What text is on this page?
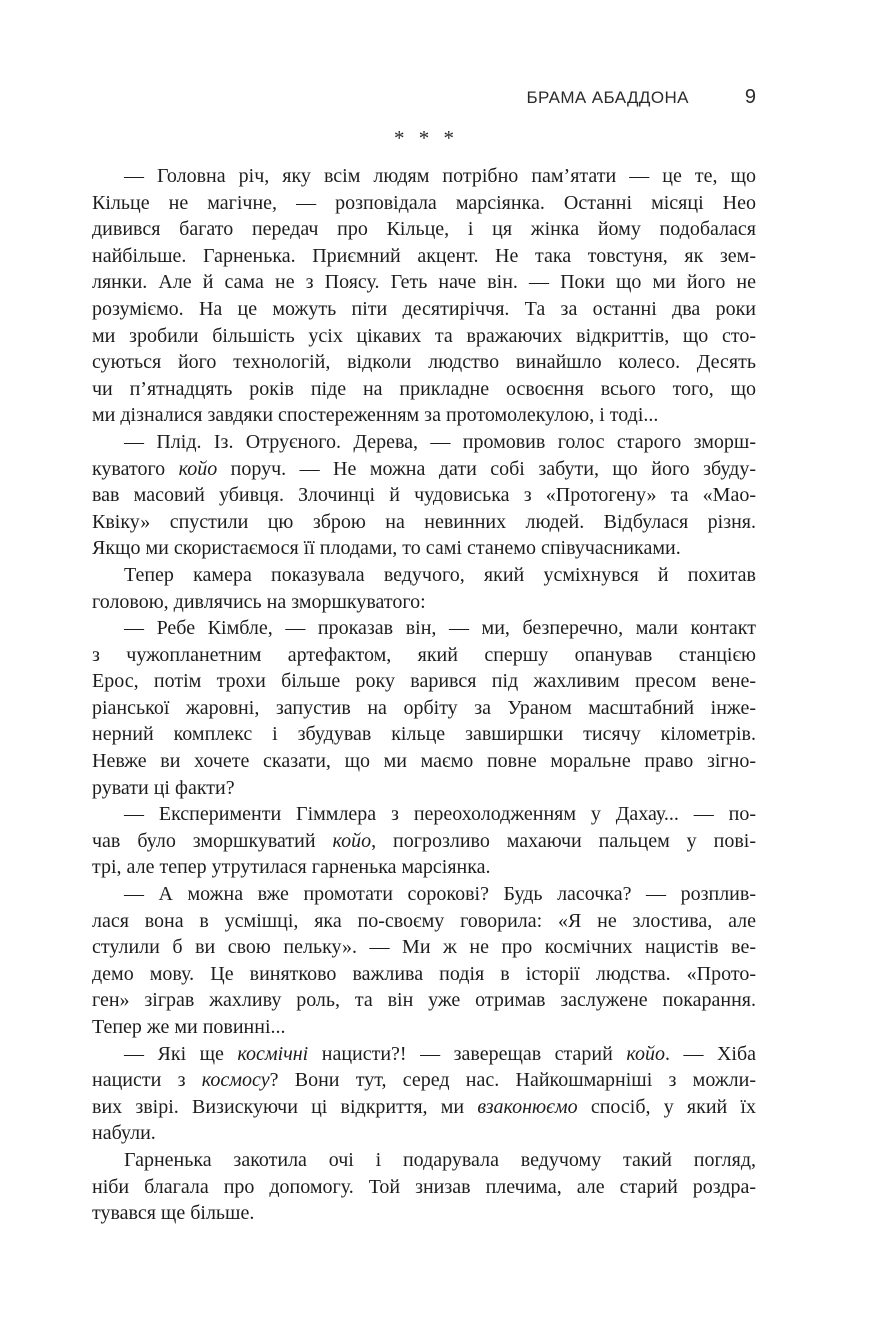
БРАМА АБАДДОНА	9
* * *
— Головна річ, яку всім людям потрібно пам’ятати — це те, що
Кільце не магічне, — розповідала марсіянка. Останні місяці Нео
дивився багато передач про Кільце, і ця жінка йому подобалася
найбільше. Гарненька. Приємний акцент. Не така товстуня, як зем-
лянки. Але й сама не з Поясу. Геть наче він. — Поки що ми його не
розуміємо. На це можуть піти десятиріччя. Та за останні два роки
ми зробили більшість усіх цікавих та вражаючих відкриттів, що сто-
суються його технологій, відколи людство винайшло колесо. Десять
чи п’ятнадцять років піде на прикладне освоєння всього того, що
ми дізналися завдяки спостереженням за протомолекулою, і тоді...
— Плід. Із. Отруєного. Дерева, — промовив голос старого зморш-
куватого койо поруч. — Не можна дати собі забути, що його збуду-
вав масовий убивця. Злочинці й чудовиська з «Протогену» та «Мао-
Квіку» спустили цю зброю на невинних людей. Відбулася різня.
Якщо ми скористаємося її плодами, то самі станемо співучасниками.
Тепер камера показувала ведучого, який усміхнувся й похитав
головою, дивлячись на зморшкуватого:
— Ребе Кімбле, — проказав він, — ми, безперечно, мали контакт
з чужопланетним артефактом, який спершу опанував станцією
Ерос, потім трохи більше року варився під жахливим пресом вене-
ріанської жаровні, запустив на орбіту за Ураном масштабний інже-
нерний комплекс і збудував кільце завширшки тисячу кілометрів.
Невже ви хочете сказати, що ми маємо повне моральне право зігно-
рувати ці факти?
— Експерименти Гіммлера з переохолодженням у Дахау... — по-
чав було зморшкуватий койо, погрозливо махаючи пальцем у пові-
трі, але тепер утрутилася гарненька марсіянка.
— А можна вже промотати сорокові? Будь ласочка? — розплив-
лася вона в усмішці, яка по-своєму говорила: «Я не злостива, але
стулили б ви свою пельку». — Ми ж не про космічних нацистів ве-
демо мову. Це винятково важлива подія в історії людства. «Прото-
ген» зіграв жахливу роль, та він уже отримав заслужене покарання.
Тепер же ми повинні...
— Які ще космічні нацисти?! — заверещав старий койо. — Хіба
нацисти з космосу? Вони тут, серед нас. Найкошмарніші з можли-
вих звірі. Визискуючи ці відкриття, ми взаконюємо спосіб, у який їх
набули.
Гарненька закотила очі і подарувала ведучому такий погляд,
ніби благала про допомогу. Той знизав плечима, але старий роздра-
тувався ще більше.
